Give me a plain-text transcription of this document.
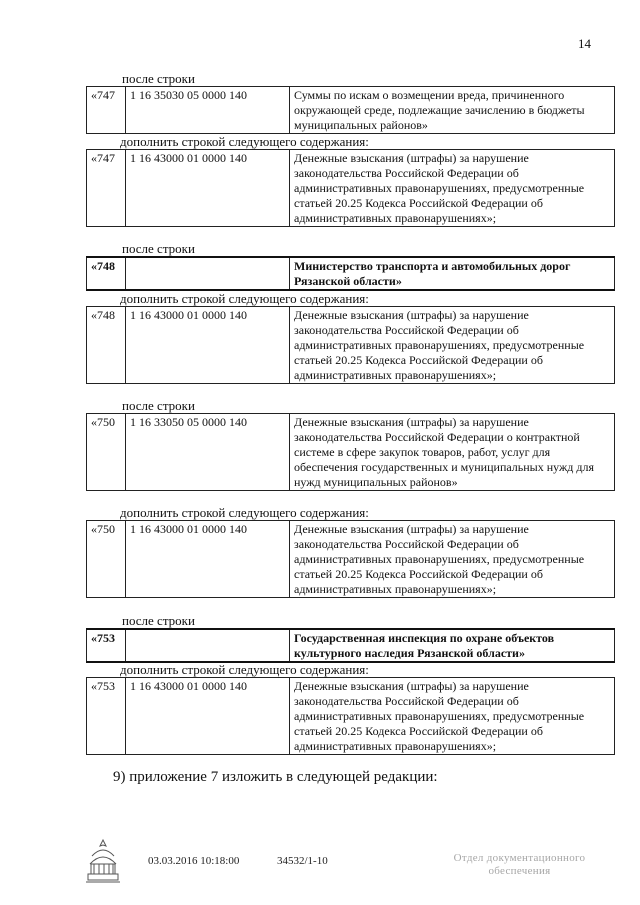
14
после строки
«747	1 16 35030 05 0000 140	Суммы по искам о возмещении вреда, причиненного окружающей среде, подлежащие зачислению в бюджеты муниципальных районов»
дополнить строкой следующего содержания:
«747	1 16 43000 01 0000 140	Денежные взыскания (штрафы) за нарушение законодательства Российской Федерации об административных правонарушениях, предусмотренные статьей 20.25 Кодекса Российской Федерации об административных правонарушениях»;
после строки
«748		Министерство транспорта и автомобильных дорог Рязанской области»
дополнить строкой следующего содержания:
«748	1 16 43000 01 0000 140	Денежные взыскания (штрафы) за нарушение законодательства Российской Федерации об административных правонарушениях, предусмотренные статьей 20.25 Кодекса Российской Федерации об административных правонарушениях»;
после строки
«750	1 16 33050 05 0000 140	Денежные взыскания (штрафы) за нарушение законодательства Российской Федерации о контрактной системе в сфере закупок товаров, работ, услуг для обеспечения государственных и муниципальных нужд для нужд муниципальных районов»
дополнить строкой следующего содержания:
«750	1 16 43000 01 0000 140	Денежные взыскания (штрафы) за нарушение законодательства Российской Федерации об административных правонарушениях, предусмотренные статьей 20.25 Кодекса Российской Федерации об административных правонарушениях»;
после строки
«753		Государственная инспекция по охране объектов культурного наследия Рязанской области»
дополнить строкой следующего содержания:
«753	1 16 43000 01 0000 140	Денежные взыскания (штрафы) за нарушение законодательства Российской Федерации об административных правонарушениях, предусмотренные статьей 20.25 Кодекса Российской Федерации об административных правонарушениях»;
9) приложение 7 изложить в следующей редакции:
03.03.2016 10:18:00	34532/1-10	Отдел документационного
обеспечения
